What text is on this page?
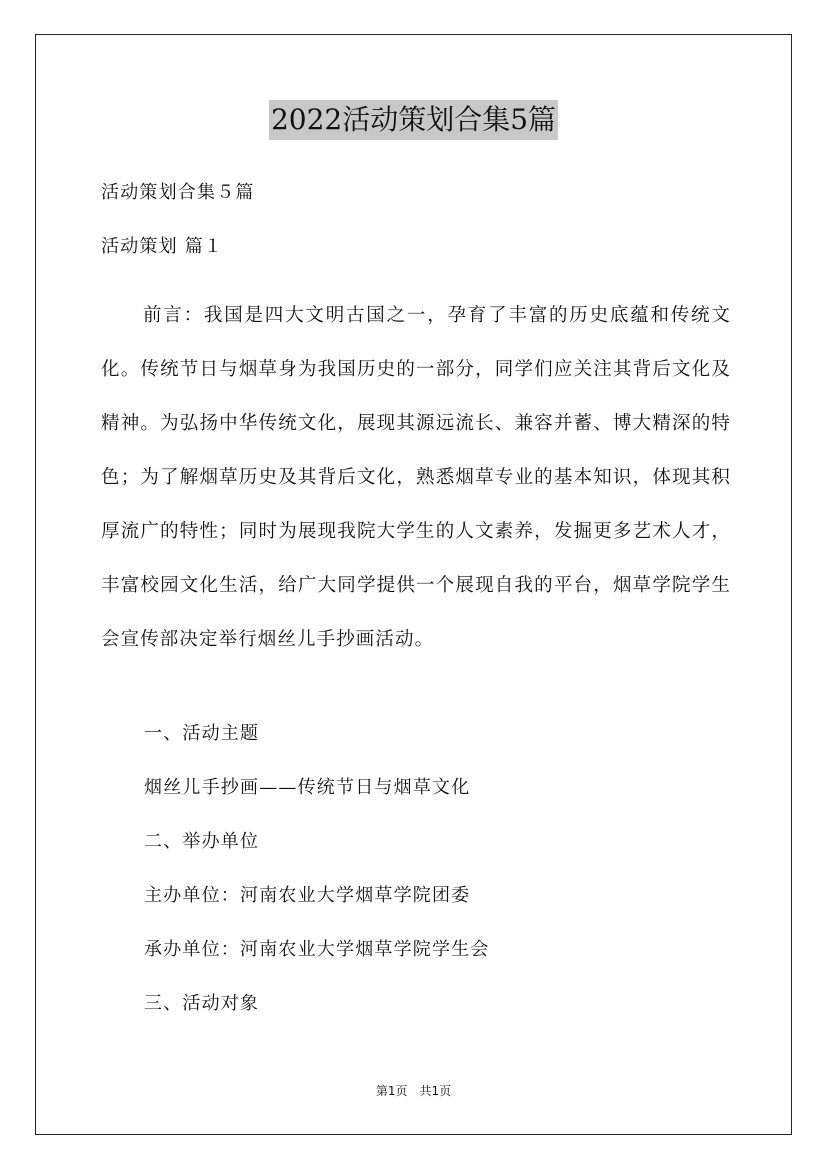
2022活动策划合集5篇
活动策划合集５篇
活动策划 篇１
前言：我国是四大文明古国之一，孕育了丰富的历史底蕴和传统文化。传统节日与烟草身为我国历史的一部分，同学们应关注其背后文化及精神。为弘扬中华传统文化，展现其源远流长、兼容并蓄、博大精深的特色；为了解烟草历史及其背后文化，熟悉烟草专业的基本知识，体现其积厚流广的特性；同时为展现我院大学生的人文素养，发掘更多艺术人才，丰富校园文化生活，给广大同学提供一个展现自我的平台，烟草学院学生会宣传部决定举行烟丝儿手抄画活动。
一、活动主题
烟丝儿手抄画——传统节日与烟草文化
二、举办单位
主办单位：河南农业大学烟草学院团委
承办单位：河南农业大学烟草学院学生会
三、活动对象
第1页　共1页
